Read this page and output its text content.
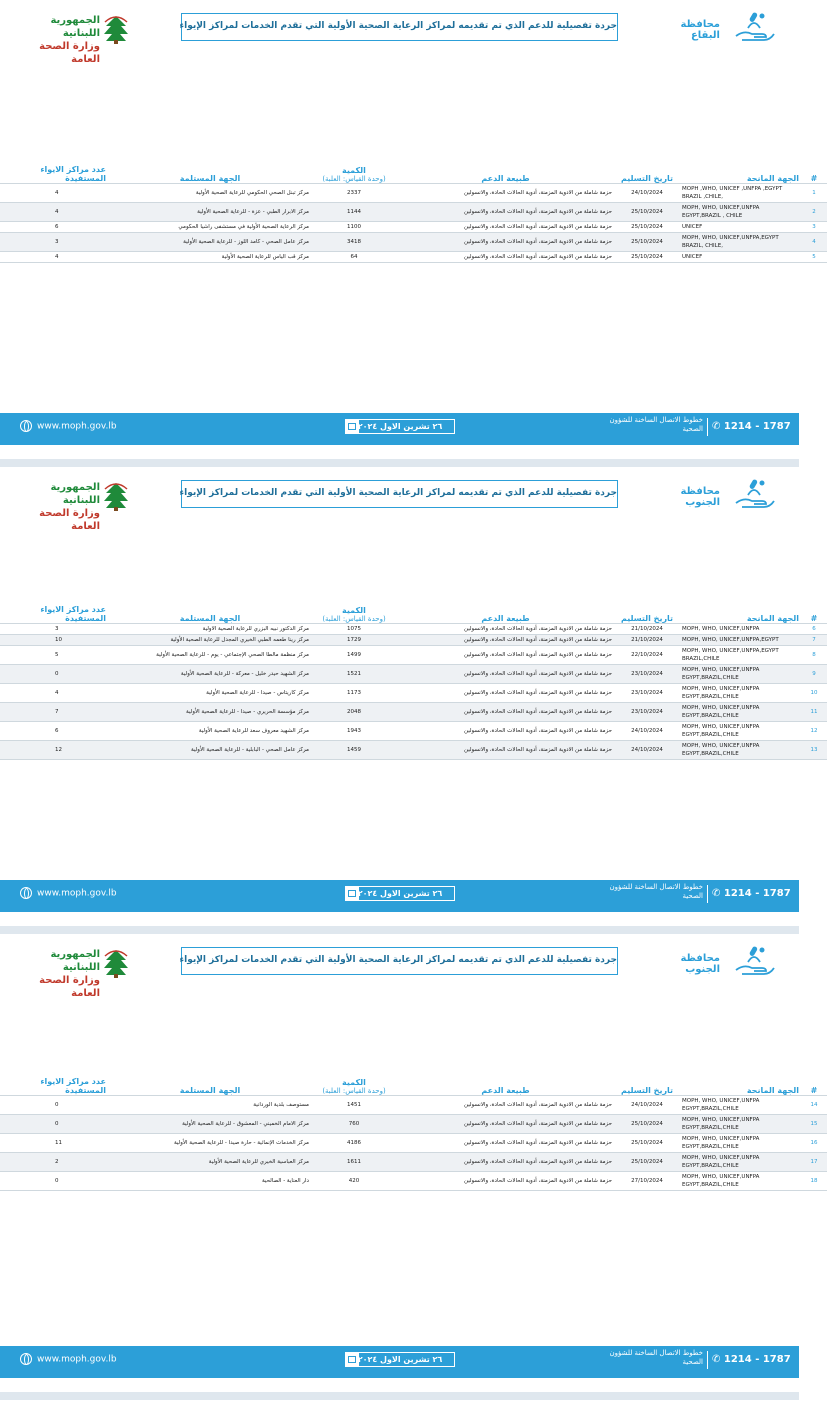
الجمهورية اللبنانية
وزارة الصحة العامة
جردة تفصيلية للدعم الذي تم تقديمه لمراكز الرعاية الصحية الأولية التي تقدم الخدمات لمراكز الإيواء	محافظة البقاع
#	الجهة المانحة	تاريخ التسليم	طبيعة الدعم	الكمية
(وحدة القياس: العلبة)	الجهة المستلمة	عدد مراكز الايواء المستفيدة
1	MOPH ,WHO, UNICEF ,UNFPA ,EGYPT BRAZIL ,CHILE,	24/10/2024	حزمة شاملة من الادوية المزمنة، أدوية الحالات الحادة، والانسولين	2337	مركز تبنل الصحي الحكومي للرعاية الصحية الأولية	4
2	MOPH, WHO, UNICEF,UNFPA EGYPT,BRAZIL , CHILE	25/10/2024	حزمة شاملة من الادوية المزمنة، أدوية الحالات الحادة، والانسولين	1144	مركز الابرار الطبي - عزة - للرعاية الصحية الأولية	4
3	UNICEF	25/10/2024	حزمة شاملة من الادوية المزمنة، أدوية الحالات الحادة، والانسولين	1100	مركز الرعاية الصحية الأولية في مستشفى راشيا الحكومي	6
4	MOPH, WHO, UNICEF,UNFPA,EGYPT BRAZIL, CHILE,	25/10/2024	حزمة شاملة من الادوية المزمنة، أدوية الحالات الحادة، والانسولين	3418	مركز عامل الصحي - كامد اللوز - للرعاية الصحية الأولية	3
5	UNICEF	25/10/2024	حزمة شاملة من الادوية المزمنة، أدوية الحالات الحادة، والانسولين	64	مركز قب الياس للرعاية الصحية الأولية	4
www.moph.gov.lb	٢٦ تشرين الاول ٢٠٢٤
خطوط الاتصال الساخنة للشؤون الصحية ✆ 1214 - 1787
الجمهورية اللبنانية
وزارة الصحة العامة
جردة تفصيلية للدعم الذي تم تقديمه لمراكز الرعاية الصحية الأولية التي تقدم الخدمات لمراكز الإيواء	محافظة الجنوب
#	الجهة المانحة	تاريخ التسليم	طبيعة الدعم	الكمية
(وحدة القياس: العلبة)	الجهة المستلمة	عدد مراكز الايواء المستفيدة
6	MOPH, WHO, UNICEF,UNFPA	21/10/2024	حزمة شاملة من الادوية المزمنة، أدوية الحالات الحادة، والانسولين	1075	مركز الدكتور نبيه البزري للرعاية الصحية الاولية	3
7	MOPH, WHO, UNICEF,UNFPA,EGYPT	21/10/2024	حزمة شاملة من الادوية المزمنة، أدوية الحالات الحادة، والانسولين	1729	مركز رينا طعمه الطبي الخيري المجدل للرعاية الصحية الأولية	10
8	MOPH, WHO, UNICEF,UNFPA,EGYPT BRAZIL,CHILE	22/10/2024	حزمة شاملة من الادوية المزمنة، أدوية الحالات الحادة، والانسولين	1499	مركز منظمة مالطا الصحي الإجتماعي - يوم - للرعاية الصحية الأولية	5
9	MOPH, WHO, UNICEF,UNFPA EGYPT,BRAZIL,CHILE	23/10/2024	حزمة شاملة من الادوية المزمنة، أدوية الحالات الحادة، والانسولين	1521	مركز الشهيد حيدر خليل - معركة - للرعاية الصحية الأولية	0
10	MOPH, WHO, UNICEF,UNFPA EGYPT,BRAZIL,CHILE	23/10/2024	حزمة شاملة من الادوية المزمنة، أدوية الحالات الحادة، والانسولين	1173	مركز كاريتاس - صيدا - للرعاية الصحية الأولية	4
11	MOPH, WHO, UNICEF,UNFPA EGYPT,BRAZIL,CHILE	23/10/2024	حزمة شاملة من الادوية المزمنة، أدوية الحالات الحادة، والانسولين	2048	مركز مؤسسة الحريري - صيدا - للرعاية الصحية الأولية	7
12	MOPH, WHO, UNICEF,UNFPA EGYPT,BRAZIL,CHILE	24/10/2024	حزمة شاملة من الادوية المزمنة، أدوية الحالات الحادة، والانسولين	1943	مركز الشهيد معروف سعد للرعاية الصحية الأولية	6
13	MOPH, WHO, UNICEF,UNFPA EGYPT,BRAZIL,CHILE	24/10/2024	حزمة شاملة من الادوية المزمنة، أدوية الحالات الحادة، والانسولين	1459	مركز عامل الصحي - البابلية - للرعاية الصحية الأولية	12
www.moph.gov.lb	٢٦ تشرين الاول ٢٠٢٤
خطوط الاتصال الساخنة للشؤون الصحية ✆ 1214 - 1787
الجمهورية اللبنانية
وزارة الصحة العامة
جردة تفصيلية للدعم الذي تم تقديمه لمراكز الرعاية الصحية الأولية التي تقدم الخدمات لمراكز الإيواء	محافظة الجنوب
#	الجهة المانحة	تاريخ التسليم	طبيعة الدعم	الكمية
(وحدة القياس: العلبة)	الجهة المستلمة	عدد مراكز الايواء المستفيدة
14	MOPH, WHO, UNICEF,UNFPA EGYPT,BRAZIL,CHILE	24/10/2024	حزمة شاملة من الادوية المزمنة، أدوية الحالات الحادة، والانسولين	1451	مستوصف بلدية الوردانية	0
15	MOPH, WHO, UNICEF,UNFPA EGYPT,BRAZIL,CHILE	25/10/2024	حزمة شاملة من الادوية المزمنة، أدوية الحالات الحادة، والانسولين	760	مركز الامام الخميني - المعشوق - للرعاية الصحية الأولية	0
16	MOPH, WHO, UNICEF,UNFPA EGYPT,BRAZIL,CHILE	25/10/2024	حزمة شاملة من الادوية المزمنة، أدوية الحالات الحادة، والانسولين	4186	مركز الخدمات الإنمائية - حارة صيدا - للرعاية الصحية الأولية	11
17	MOPH, WHO, UNICEF,UNFPA EGYPT,BRAZIL,CHILE	25/10/2024	حزمة شاملة من الادوية المزمنة، أدوية الحالات الحادة، والانسولين	1611	مركز العباسية الخيري للرعاية الصحية الأولية	2
18	MOPH, WHO, UNICEF,UNFPA EGYPT,BRAZIL,CHILE	27/10/2024	حزمة شاملة من الادوية المزمنة، أدوية الحالات الحادة، والانسولين	420	دار العناية - الصالحية	0
www.moph.gov.lb	٢٦ تشرين الاول ٢٠٢٤
خطوط الاتصال الساخنة للشؤون الصحية ✆ 1214 - 1787
